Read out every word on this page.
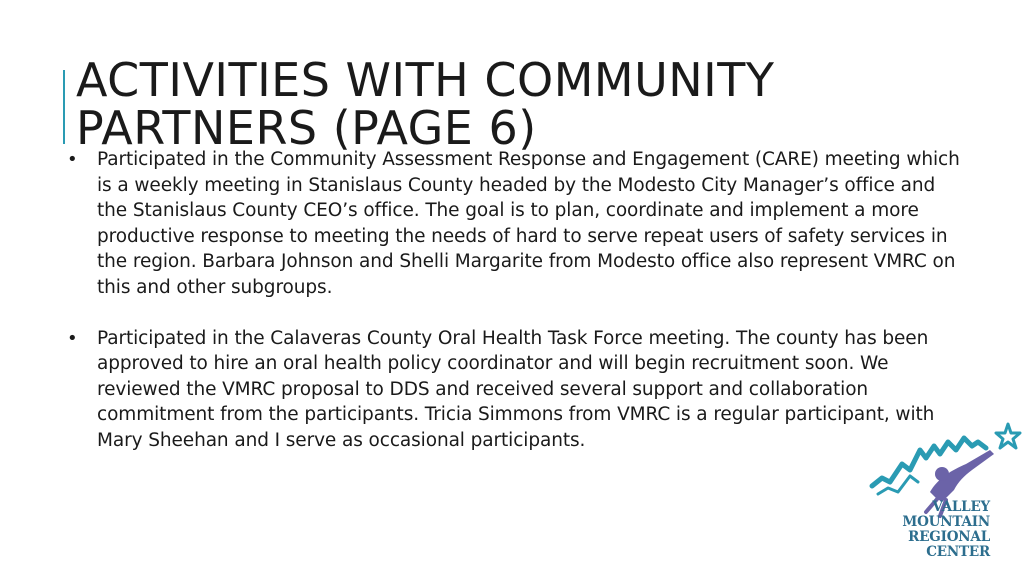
ACTIVITIES WITH COMMUNITY
PARTNERS (PAGE 6)
• Participated in the Community Assessment Response and Engagement (CARE) meeting which is a weekly meeting in Stanislaus County headed by the Modesto City Manager’s office and the Stanislaus County CEO’s office. The goal is to plan, coordinate and implement a more productive response to meeting the needs of hard to serve repeat users of safety services in the region. Barbara Johnson and Shelli Margarite from Modesto office also represent VMRC on this and other subgroups.
• Participated in the Calaveras County Oral Health Task Force meeting. The county has been approved to hire an oral health policy coordinator and will begin recruitment soon. We reviewed the VMRC proposal to DDS and received several support and collaboration commitment from the participants. Tricia Simmons from VMRC is a regular participant, with Mary Sheehan and I serve as occasional participants.
VALLEY
MOUNTAIN
REGIONAL
CENTER
